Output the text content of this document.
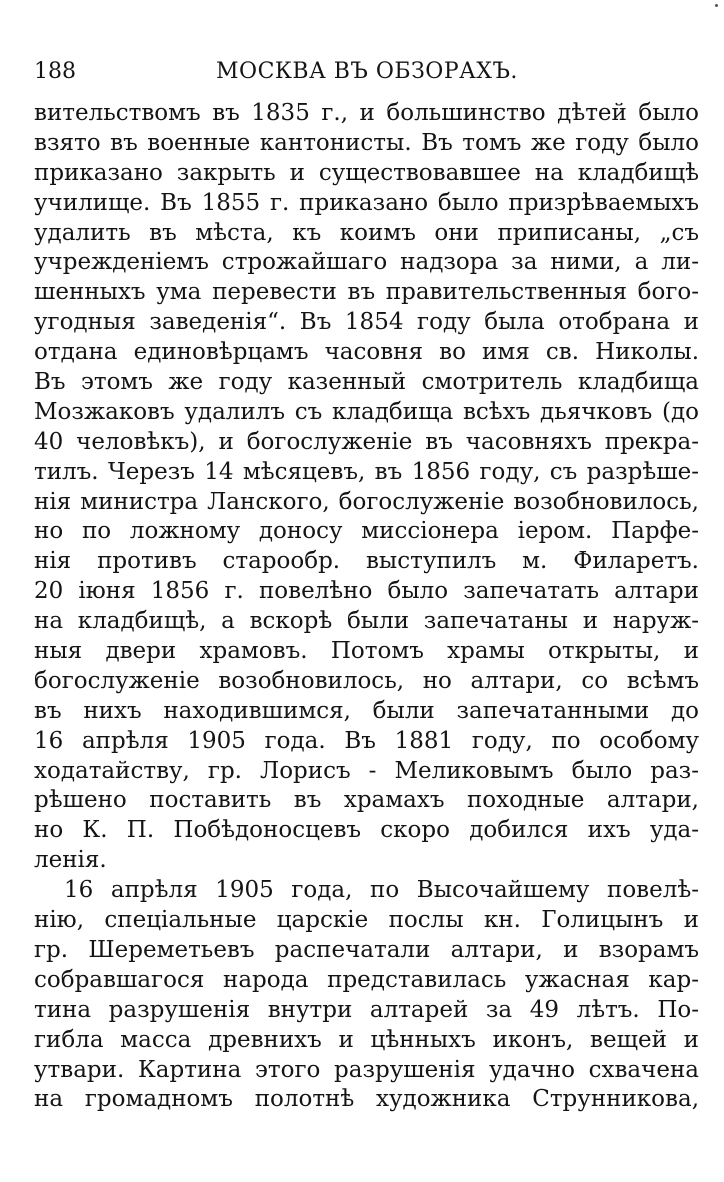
188	МОСКВА ВЪ ОБЗОРАХЪ.
вительствомъ въ 1835 г., и большинство дѣтей было
взято въ военные кантонисты. Въ томъ же году было
приказано закрыть и существовавшее на кладбищѣ
училище. Въ 1855 г. приказано было призрѣваемыхъ
удалить въ мѣста, къ коимъ они приписаны, „съ
учрежденіемъ строжайшаго надзора за ними, а ли-
шенныхъ ума перевести въ правительственныя бого-
угодныя заведенія“. Въ 1854 году была отобрана и
отдана единовѣрцамъ часовня во имя св. Николы.
Въ этомъ же году казенный смотритель кладбища
Мозжаковъ удалилъ съ кладбища всѣхъ дьячковъ (до
40 человѣкъ), и богослуженіе въ часовняхъ прекра-
тилъ. Черезъ 14 мѣсяцевъ, въ 1856 году, съ разрѣше-
нія министра Ланского, богослуженіе возобновилось,
но по ложному доносу миссіонера іером. Парфе-
нія противъ старообр. выступилъ м. Филаретъ.
20 іюня 1856 г. повелѣно было запечатать алтари
на кладбищѣ, а вскорѣ были запечатаны и наруж-
ныя двери храмовъ. Потомъ храмы открыты, и
богослуженіе возобновилось, но алтари, со всѣмъ
въ нихъ находившимся, были запечатанными до
16 апрѣля 1905 года. Въ 1881 году, по особому
ходатайству, гр. Лорисъ - Меликовымъ было раз-
рѣшено поставить въ храмахъ походные алтари,
но К. П. Побѣдоносцевъ скоро добился ихъ уда-
ленія.
16 апрѣля 1905 года, по Высочайшему повелѣ-
нію, спеціальные царскіе послы кн. Голицынъ и
гр. Шереметьевъ распечатали алтари, и взорамъ
собравшагося народа представилась ужасная кар-
тина разрушенія внутри алтарей за 49 лѣтъ. По-
гибла масса древнихъ и цѣнныхъ иконъ, вещей и
утвари. Картина этого разрушенія удачно схвачена
на громадномъ полотнѣ художника Струнникова,
